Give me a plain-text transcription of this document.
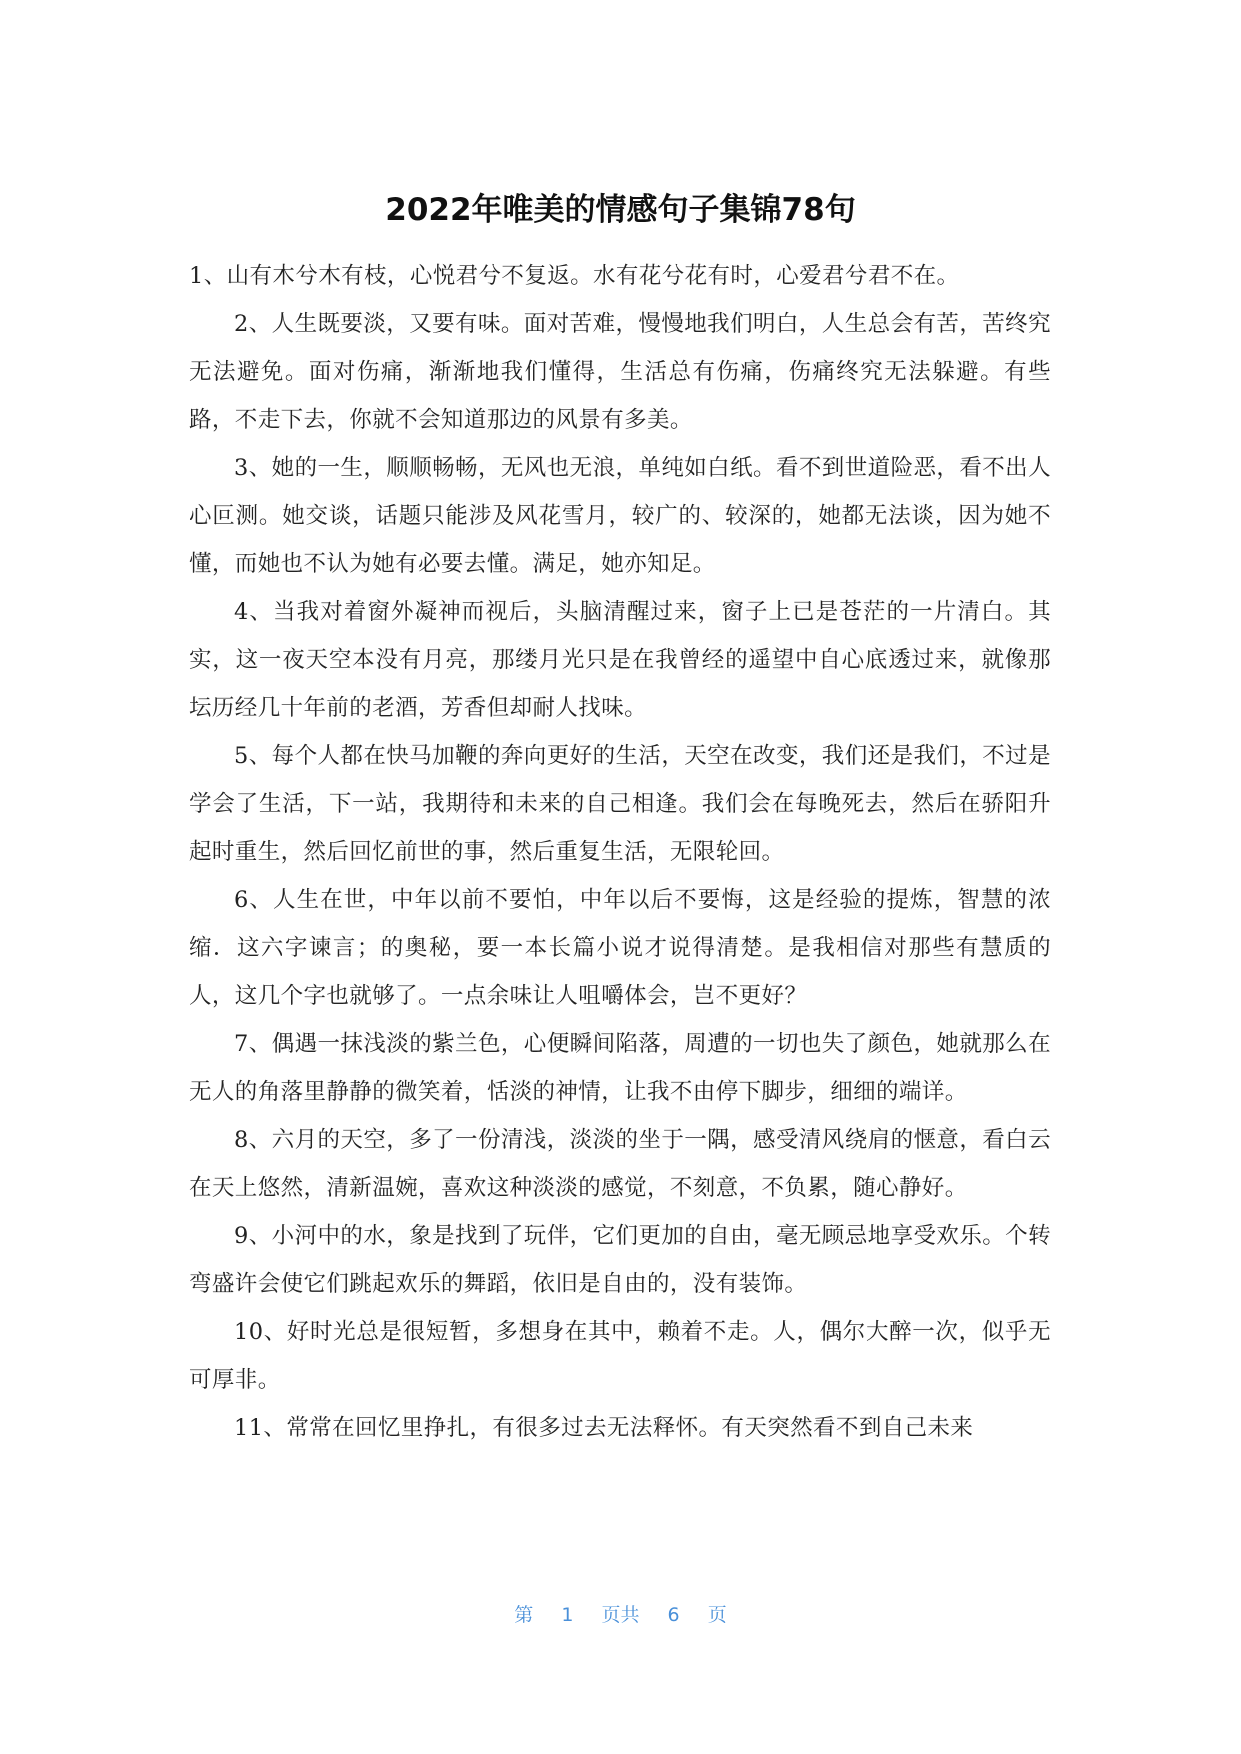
2022年唯美的情感句子集锦78句

1、山有木兮木有枝，心悦君兮不复返。水有花兮花有时，心爱君兮君不在。

2、人生既要淡，又要有味。面对苦难，慢慢地我们明白，人生总会有苦，苦终究无法避免。面对伤痛，渐渐地我们懂得，生活总有伤痛，伤痛终究无法躲避。有些路，不走下去，你就不会知道那边的风景有多美。

3、她的一生，顺顺畅畅，无风也无浪，单纯如白纸。看不到世道险恶，看不出人心叵测。她交谈，话题只能涉及风花雪月，较广的、较深的，她都无法谈，因为她不懂，而她也不认为她有必要去懂。满足，她亦知足。

4、当我对着窗外凝神而视后，头脑清醒过来，窗子上已是苍茫的一片清白。其实，这一夜天空本没有月亮，那缕月光只是在我曾经的遥望中自心底透过来，就像那坛历经几十年前的老酒，芳香但却耐人找味。

5、每个人都在快马加鞭的奔向更好的生活，天空在改变，我们还是我们，不过是学会了生活，下一站，我期待和未来的自己相逢。我们会在每晚死去，然后在骄阳升起时重生，然后回忆前世的事，然后重复生活，无限轮回。

6、人生在世，中年以前不要怕，中年以后不要悔，这是经验的提炼，智慧的浓缩．这六字谏言；的奥秘，要一本长篇小说才说得清楚。是我相信对那些有慧质的人，这几个字也就够了。一点余味让人咀嚼体会，岂不更好？

7、偶遇一抹浅淡的紫兰色，心便瞬间陷落，周遭的一切也失了颜色，她就那么在无人的角落里静静的微笑着，恬淡的神情，让我不由停下脚步，细细的端详。

8、六月的天空，多了一份清浅，淡淡的坐于一隅，感受清风绕肩的惬意，看白云在天上悠然，清新温婉，喜欢这种淡淡的感觉，不刻意，不负累，随心静好。

9、小河中的水，象是找到了玩伴，它们更加的自由，毫无顾忌地享受欢乐。个转弯盛许会使它们跳起欢乐的舞蹈，依旧是自由的，没有装饰。

10、好时光总是很短暂，多想身在其中，赖着不走。人，偶尔大醉一次，似乎无可厚非。

11、常常在回忆里挣扎，有很多过去无法释怀。有天突然看不到自己未来

第 1 页共 6 页
